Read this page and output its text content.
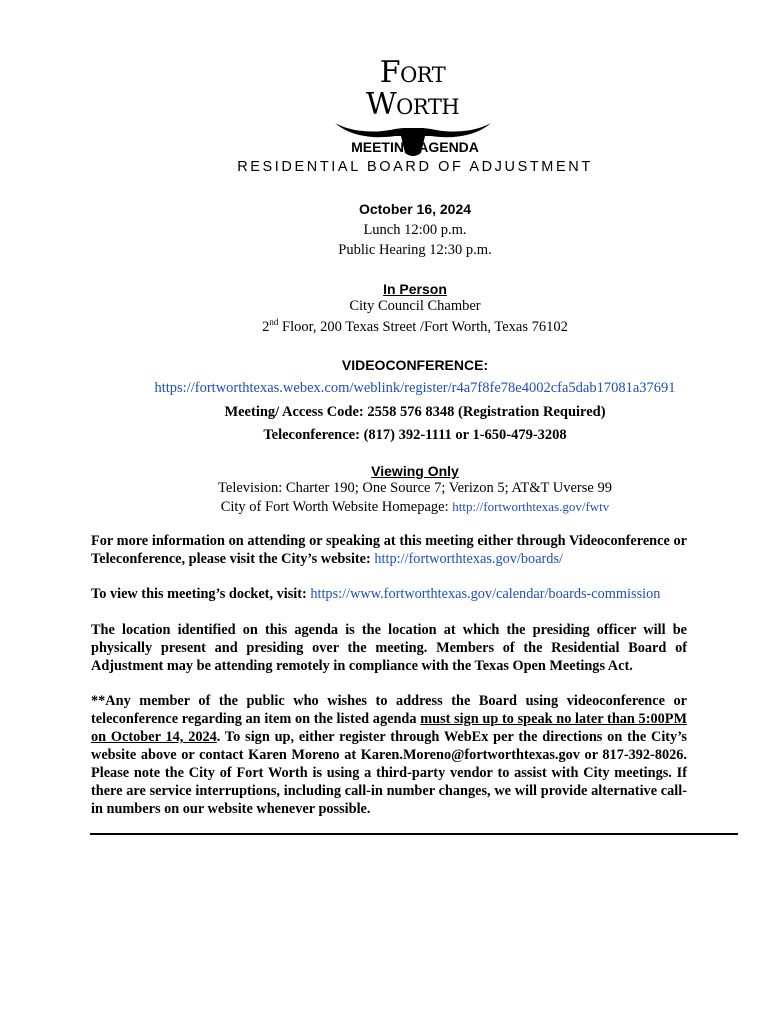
Fort Worth
MEETING AGENDA
RESIDENTIAL BOARD OF ADJUSTMENT
October 16, 2024
Lunch 12:00 p.m.
Public Hearing 12:30 p.m.
In Person
City Council Chamber
2nd Floor, 200 Texas Street /Fort Worth, Texas 76102
VIDEOCONFERENCE:
https://fortworthtexas.webex.com/weblink/register/r4a7f8fe78e4002cfa5dab17081a37691
Meeting/ Access Code: 2558 576 8348 (Registration Required)
Teleconference: (817) 392-1111 or 1-650-479-3208
Viewing Only
Television: Charter 190; One Source 7; Verizon 5; AT&T Uverse 99
City of Fort Worth Website Homepage: http://fortworthtexas.gov/fwtv
For more information on attending or speaking at this meeting either through Videoconference or Teleconference, please visit the City’s website: http://fortworthtexas.gov/boards/
To view this meeting’s docket, visit: https://www.fortworthtexas.gov/calendar/boards-commission
The location identified on this agenda is the location at which the presiding officer will be physically present and presiding over the meeting. Members of the Residential Board of Adjustment may be attending remotely in compliance with the Texas Open Meetings Act.
**Any member of the public who wishes to address the Board using videoconference or teleconference regarding an item on the listed agenda must sign up to speak no later than 5:00PM on October 14, 2024. To sign up, either register through WebEx per the directions on the City’s website above or contact Karen Moreno at Karen.Moreno@fortworthtexas.gov or 817-392-8026. Please note the City of Fort Worth is using a third-party vendor to assist with City meetings. If there are service interruptions, including call-in number changes, we will provide alternative call-in numbers on our website whenever possible.
